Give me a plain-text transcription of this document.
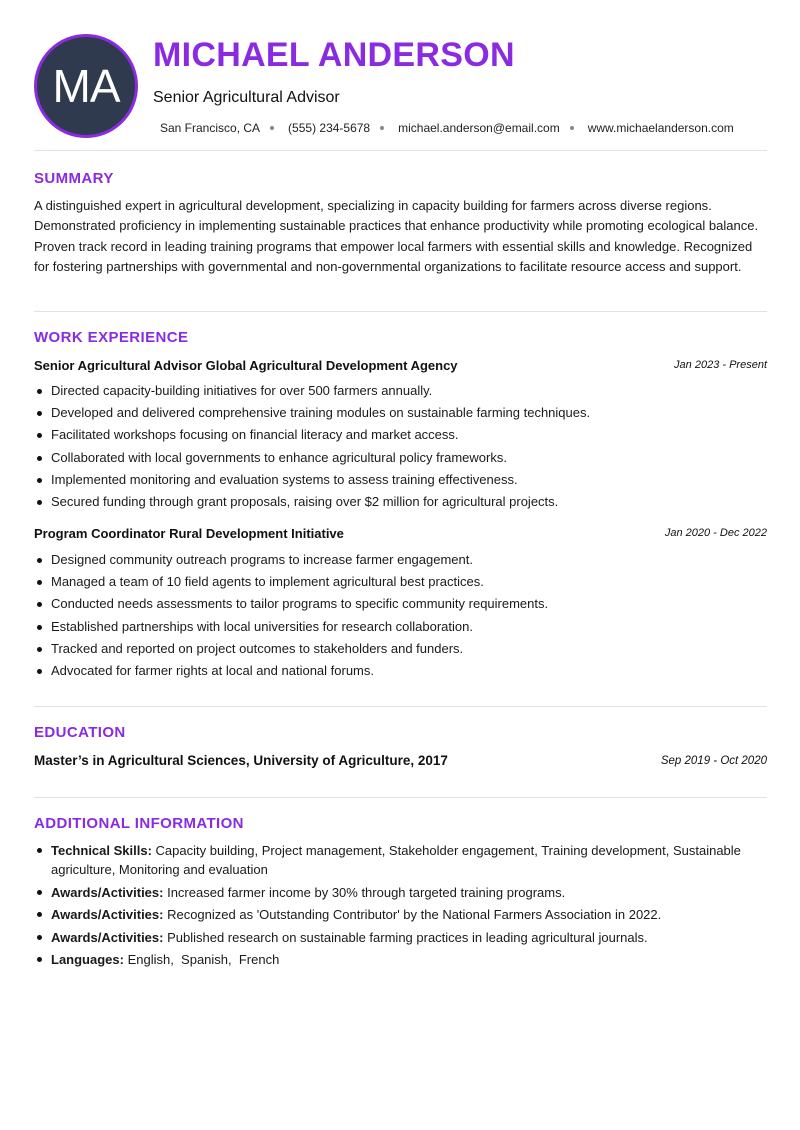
MA
MICHAEL ANDERSON
Senior Agricultural Advisor
San Francisco, CA (555) 234-5678 michael.anderson@email.com www.michaelanderson.com
SUMMARY

A distinguished expert in agricultural development, specializing in capacity building for farmers across diverse regions. Demonstrated proficiency in implementing sustainable practices that enhance productivity while promoting ecological balance. Proven track record in leading training programs that empower local farmers with essential skills and knowledge. Recognized for fostering partnerships with governmental and non-governmental organizations to facilitate resource access and support.

WORK EXPERIENCE
Senior Agricultural Advisor Global Agricultural Development Agency	Jan 2023 - Present
Directed capacity-building initiatives for over 500 farmers annually.
Developed and delivered comprehensive training modules on sustainable farming techniques.
Facilitated workshops focusing on financial literacy and market access.
Collaborated with local governments to enhance agricultural policy frameworks.
Implemented monitoring and evaluation systems to assess training effectiveness.
Secured funding through grant proposals, raising over $2 million for agricultural projects.
Program Coordinator Rural Development Initiative	Jan 2020 - Dec 2022
Designed community outreach programs to increase farmer engagement.
Managed a team of 10 field agents to implement agricultural best practices.
Conducted needs assessments to tailor programs to specific community requirements.
Established partnerships with local universities for research collaboration.
Tracked and reported on project outcomes to stakeholders and funders.
Advocated for farmer rights at local and national forums.
EDUCATION
Master’s in Agricultural Sciences, University of Agriculture, 2017	Sep 2019 - Oct 2020
ADDITIONAL INFORMATION
Technical Skills: Capacity building, Project management, Stakeholder engagement, Training development, Sustainable agriculture, Monitoring and evaluation
Awards/Activities: Increased farmer income by 30% through targeted training programs.
Awards/Activities: Recognized as 'Outstanding Contributor' by the National Farmers Association in 2022.
Awards/Activities: Published research on sustainable farming practices in leading agricultural journals.
Languages: English,  Spanish,  French
